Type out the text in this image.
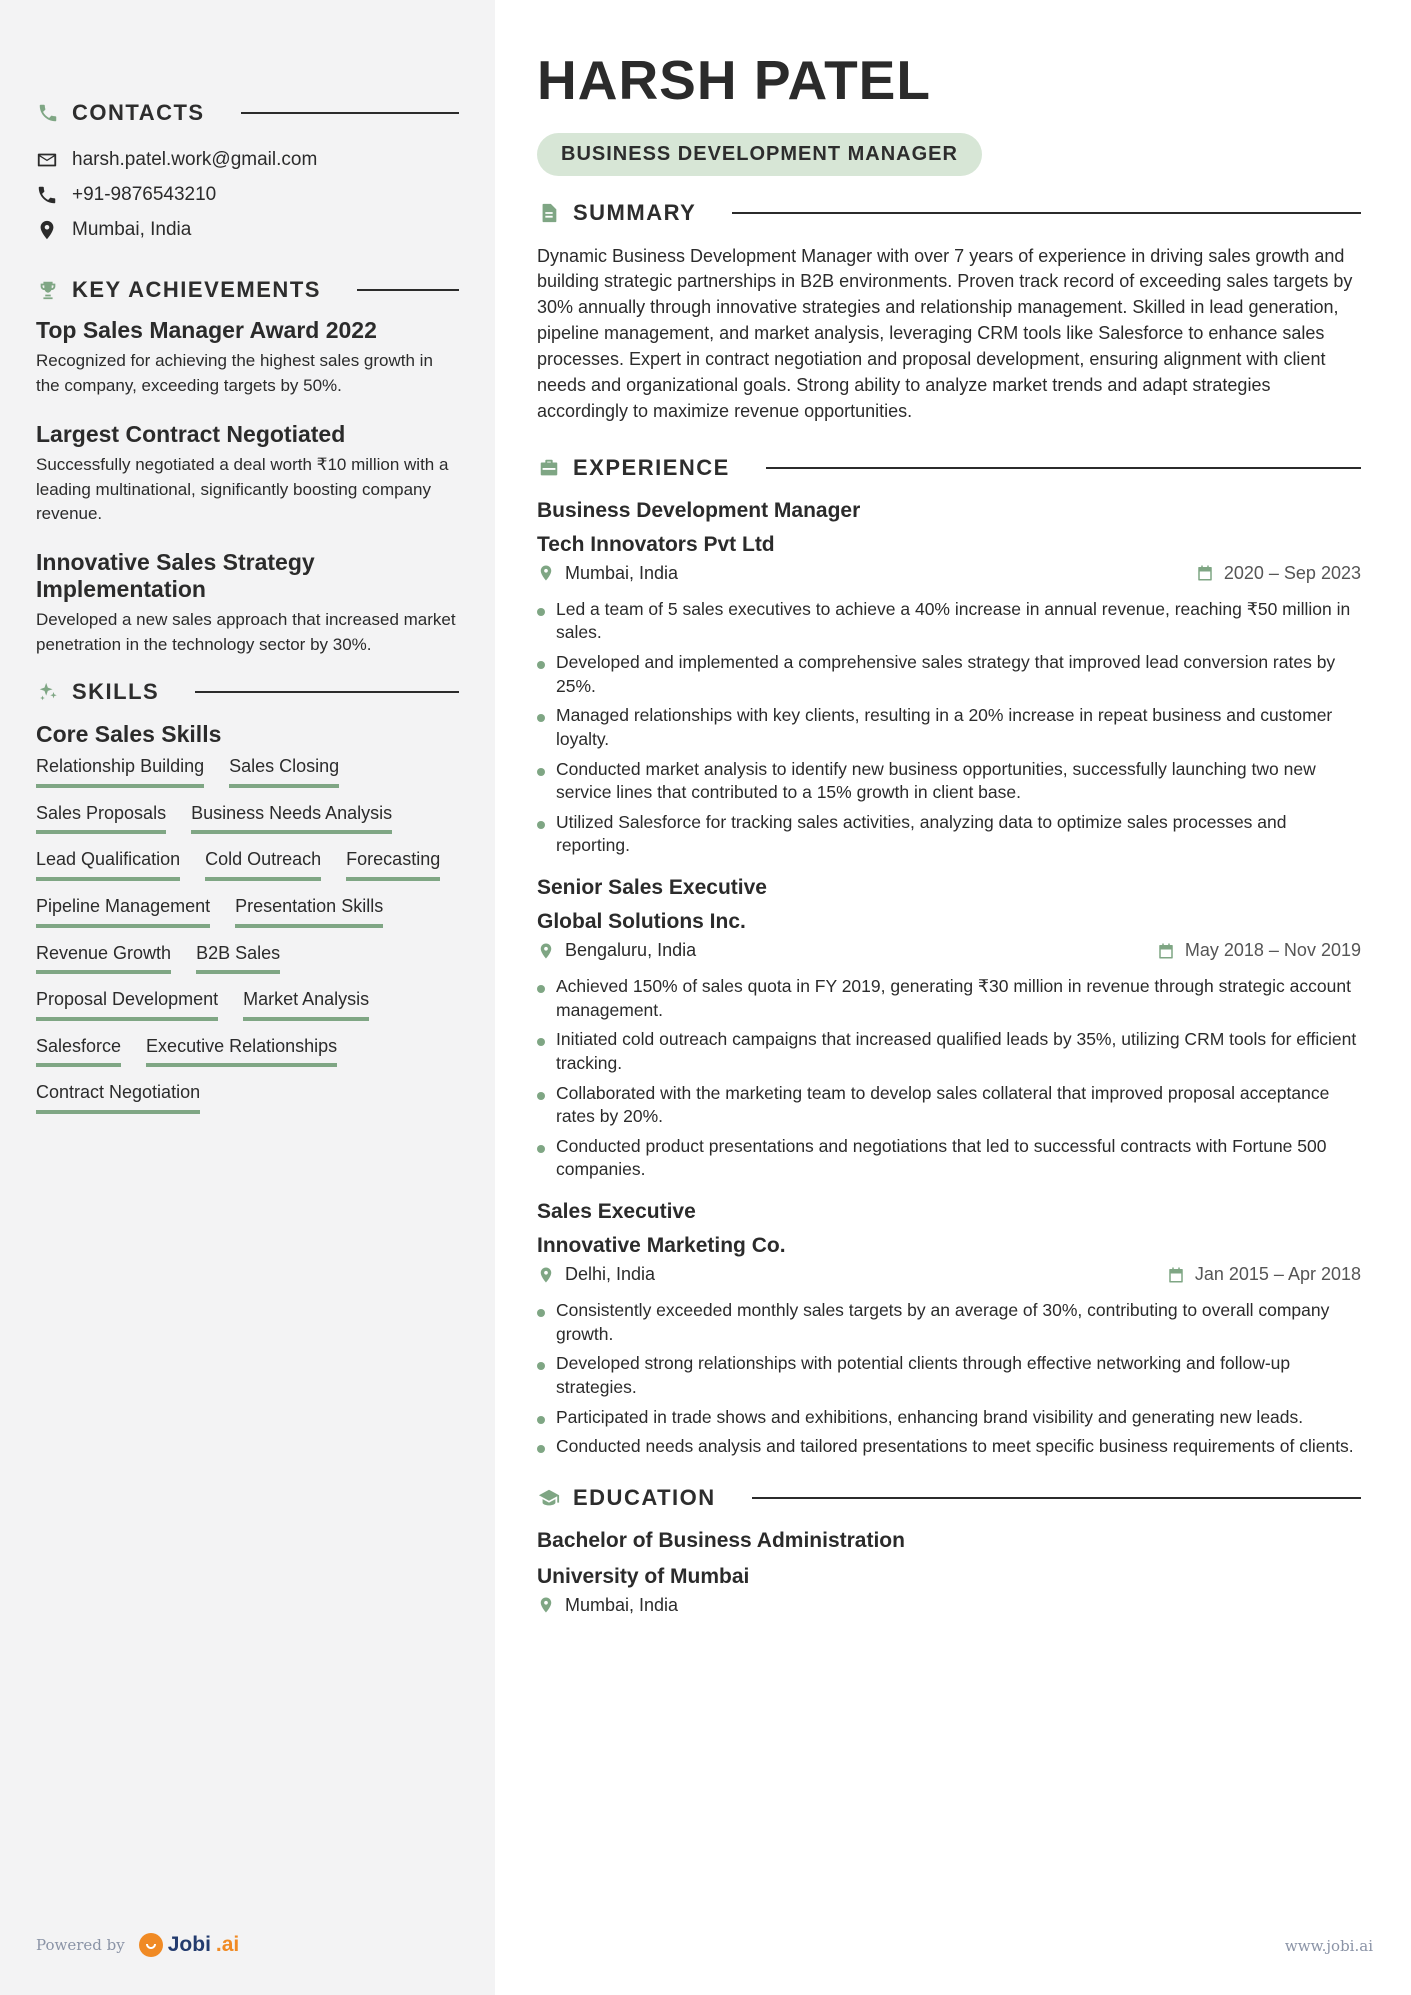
CONTACTS
harsh.patel.work@gmail.com
+91-9876543210
Mumbai, India
KEY ACHIEVEMENTS
Top Sales Manager Award 2022
Recognized for achieving the highest sales growth in the company, exceeding targets by 50%.
Largest Contract Negotiated
Successfully negotiated a deal worth ₹10 million with a leading multinational, significantly boosting company revenue.
Innovative Sales Strategy Implementation
Developed a new sales approach that increased market penetration in the technology sector by 30%.
SKILLS
Core Sales Skills
Relationship Building Sales Closing
Sales Proposals Business Needs Analysis
Lead Qualification Cold Outreach Forecasting
Pipeline Management Presentation Skills
Revenue Growth B2B Sales
Proposal Development Market Analysis
Salesforce Executive Relationships
Contract Negotiation
Powered by Jobi .ai
HARSH PATEL
BUSINESS DEVELOPMENT MANAGER
SUMMARY

Dynamic Business Development Manager with over 7 years of experience in driving sales growth and building strategic partnerships in B2B environments. Proven track record of exceeding sales targets by 30% annually through innovative strategies and relationship management. Skilled in lead generation, pipeline management, and market analysis, leveraging CRM tools like Salesforce to enhance sales processes. Expert in contract negotiation and proposal development, ensuring alignment with client needs and organizational goals. Strong ability to analyze market trends and adapt strategies accordingly to maximize revenue opportunities.

EXPERIENCE
Business Development Manager
Tech Innovators Pvt Ltd
Mumbai, India	2020 – Sep 2023
Led a team of 5 sales executives to achieve a 40% increase in annual revenue, reaching ₹50 million in sales.
Developed and implemented a comprehensive sales strategy that improved lead conversion rates by 25%.
Managed relationships with key clients, resulting in a 20% increase in repeat business and customer loyalty.
Conducted market analysis to identify new business opportunities, successfully launching two new service lines that contributed to a 15% growth in client base.
Utilized Salesforce for tracking sales activities, analyzing data to optimize sales processes and reporting.
Senior Sales Executive
Global Solutions Inc.
Bengaluru, India	May 2018 – Nov 2019
Achieved 150% of sales quota in FY 2019, generating ₹30 million in revenue through strategic account management.
Initiated cold outreach campaigns that increased qualified leads by 35%, utilizing CRM tools for efficient tracking.
Collaborated with the marketing team to develop sales collateral that improved proposal acceptance rates by 20%.
Conducted product presentations and negotiations that led to successful contracts with Fortune 500 companies.
Sales Executive
Innovative Marketing Co.
Delhi, India	Jan 2015 – Apr 2018
Consistently exceeded monthly sales targets by an average of 30%, contributing to overall company growth.
Developed strong relationships with potential clients through effective networking and follow-up strategies.
Participated in trade shows and exhibitions, enhancing brand visibility and generating new leads.
Conducted needs analysis and tailored presentations to meet specific business requirements of clients.
EDUCATION
Bachelor of Business Administration
University of Mumbai
Mumbai, India
www.jobi.ai
